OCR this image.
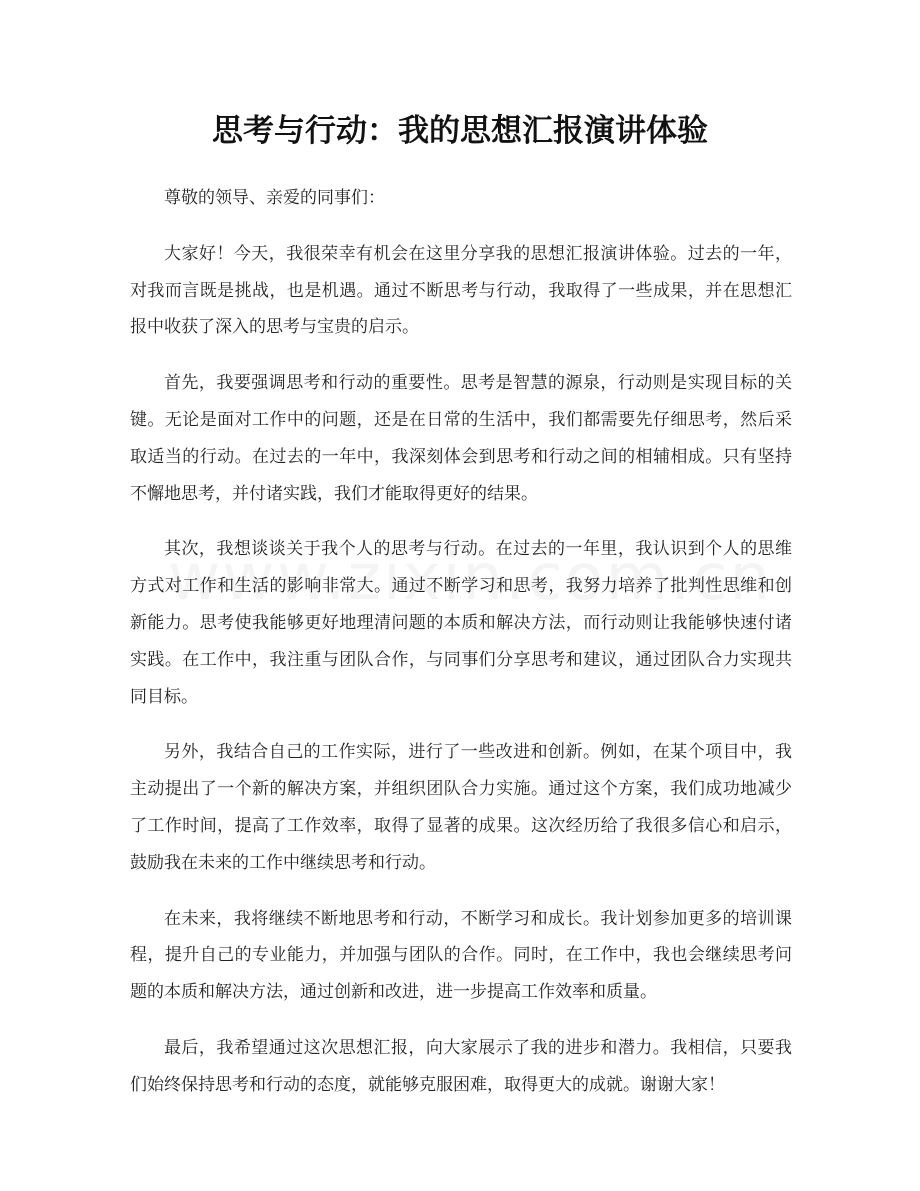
思考与行动：我的思想汇报演讲体验

尊敬的领导、亲爱的同事们：

大家好！今天，我很荣幸有机会在这里分享我的思想汇报演讲体验。过去的一年，对我而言既是挑战，也是机遇。通过不断思考与行动，我取得了一些成果，并在思想汇报中收获了深入的思考与宝贵的启示。

首先，我要强调思考和行动的重要性。思考是智慧的源泉，行动则是实现目标的关键。无论是面对工作中的问题，还是在日常的生活中，我们都需要先仔细思考，然后采取适当的行动。在过去的一年中，我深刻体会到思考和行动之间的相辅相成。只有坚持不懈地思考，并付诸实践，我们才能取得更好的结果。

其次，我想谈谈关于我个人的思考与行动。在过去的一年里，我认识到个人的思维方式对工作和生活的影响非常大。通过不断学习和思考，我努力培养了批判性思维和创新能力。思考使我能够更好地理清问题的本质和解决方法，而行动则让我能够快速付诸实践。在工作中，我注重与团队合作，与同事们分享思考和建议，通过团队合力实现共同目标。

另外，我结合自己的工作实际，进行了一些改进和创新。例如，在某个项目中，我主动提出了一个新的解决方案，并组织团队合力实施。通过这个方案，我们成功地减少了工作时间，提高了工作效率，取得了显著的成果。这次经历给了我很多信心和启示，鼓励我在未来的工作中继续思考和行动。

在未来，我将继续不断地思考和行动，不断学习和成长。我计划参加更多的培训课程，提升自己的专业能力，并加强与团队的合作。同时，在工作中，我也会继续思考问题的本质和解决方法，通过创新和改进，进一步提高工作效率和质量。

最后，我希望通过这次思想汇报，向大家展示了我的进步和潜力。我相信，只要我们始终保持思考和行动的态度，就能够克服困难，取得更大的成就。谢谢大家！
